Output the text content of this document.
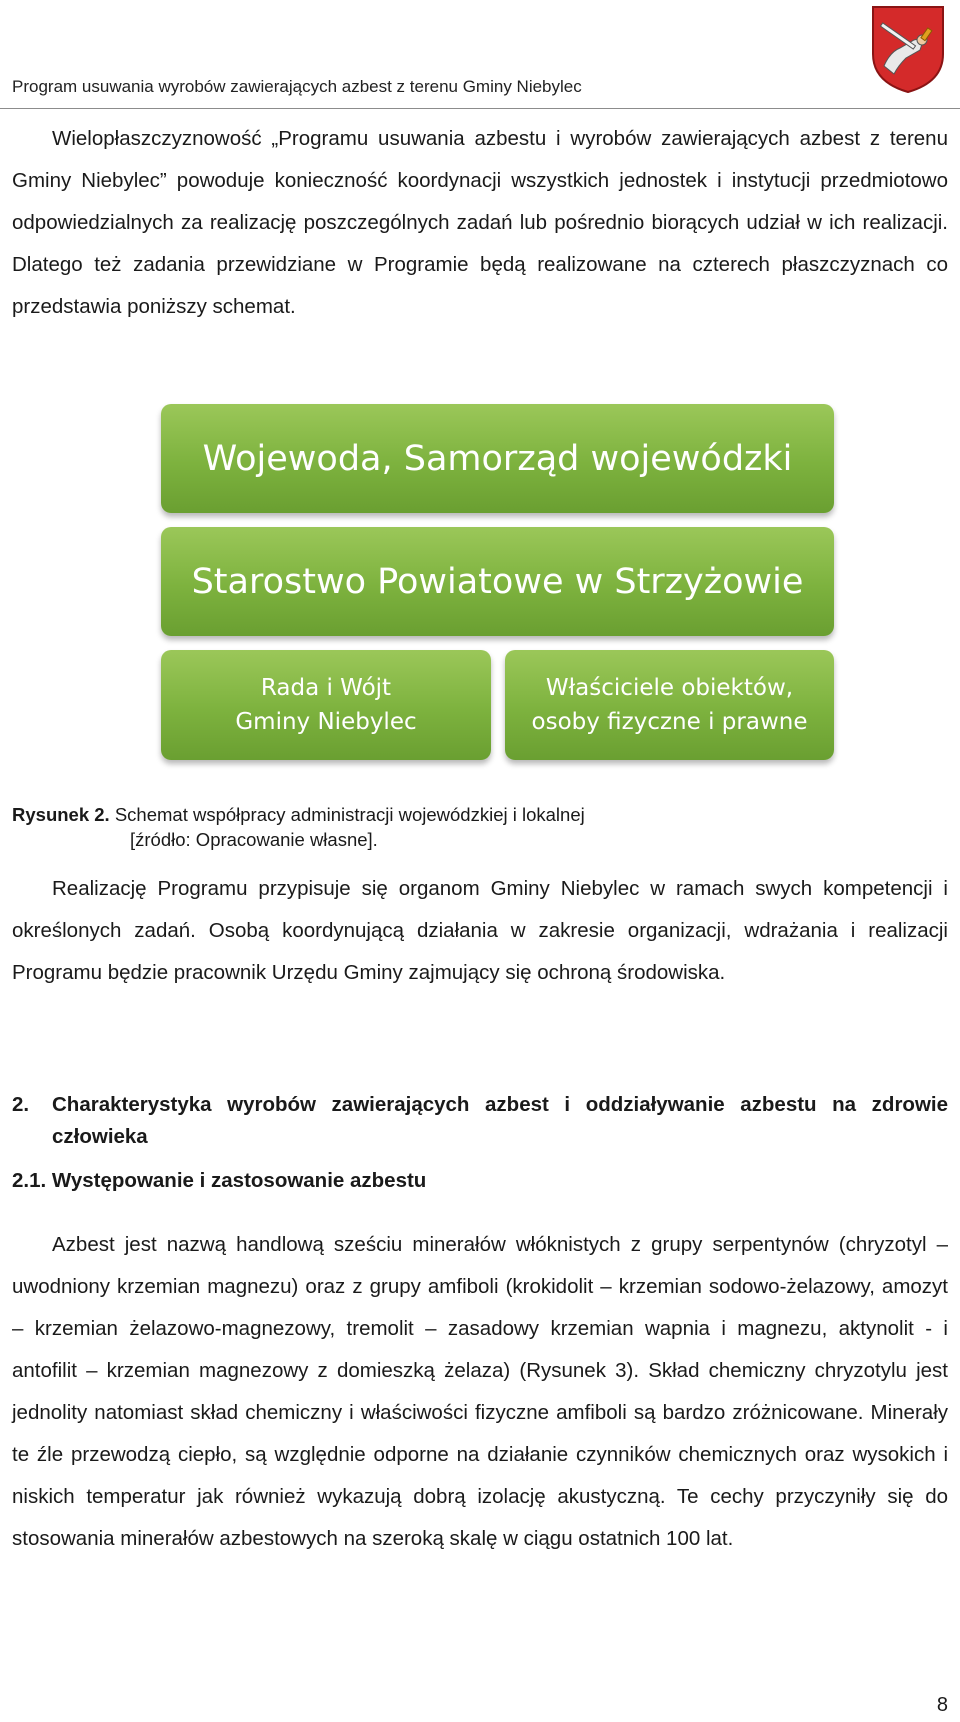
Program usuwania wyrobów zawierających azbest z terenu Gminy Niebylec

Wielopłaszczyznowość „Programu usuwania azbestu i wyrobów zawierających azbest z terenu Gminy Niebylec” powoduje konieczność koordynacji wszystkich jednostek i instytucji przedmiotowo odpowiedzialnych za realizację poszczególnych zadań lub pośrednio biorących udział w ich realizacji. Dlatego też zadania przewidziane w Programie będą realizowane na czterech płaszczyznach co przedstawia poniższy schemat.

Wojewoda, Samorząd wojewódzki
Starostwo Powiatowe w Strzyżowie
Rada i Wójt
Gminy Niebylec
Właściciele obiektów,
osoby fizyczne i prawne
Rysunek 2. Schemat współpracy administracji wojewódzkiej i lokalnej
[źródło: Opracowanie własne].

Realizację Programu przypisuje się organom Gminy Niebylec w ramach swych kompetencji i określonych zadań. Osobą koordynującą działania w zakresie organizacji, wdrażania i realizacji Programu będzie pracownik Urzędu Gminy zajmujący się ochroną środowiska.

2.	Charakterystyka wyrobów zawierających azbest i oddziaływanie azbestu na zdrowie człowieka
2.1. Występowanie i zastosowanie azbestu

Azbest jest nazwą handlową sześciu minerałów włóknistych z grupy serpentynów (chryzotyl – uwodniony krzemian magnezu) oraz z grupy amfiboli (krokidolit – krzemian sodowo-żelazowy, amozyt – krzemian żelazowo-magnezowy, tremolit – zasadowy krzemian wapnia i magnezu, aktynolit - i antofilit – krzemian magnezowy z domieszką żelaza) (Rysunek 3). Skład chemiczny chryzotylu jest jednolity natomiast skład chemiczny i właściwości fizyczne amfiboli są bardzo zróżnicowane. Minerały te źle przewodzą ciepło, są względnie odporne na działanie czynników chemicznych oraz wysokich i niskich temperatur jak również wykazują dobrą izolację akustyczną. Te cechy przyczyniły się do stosowania minerałów azbestowych na szeroką skalę w ciągu ostatnich 100 lat.

8
